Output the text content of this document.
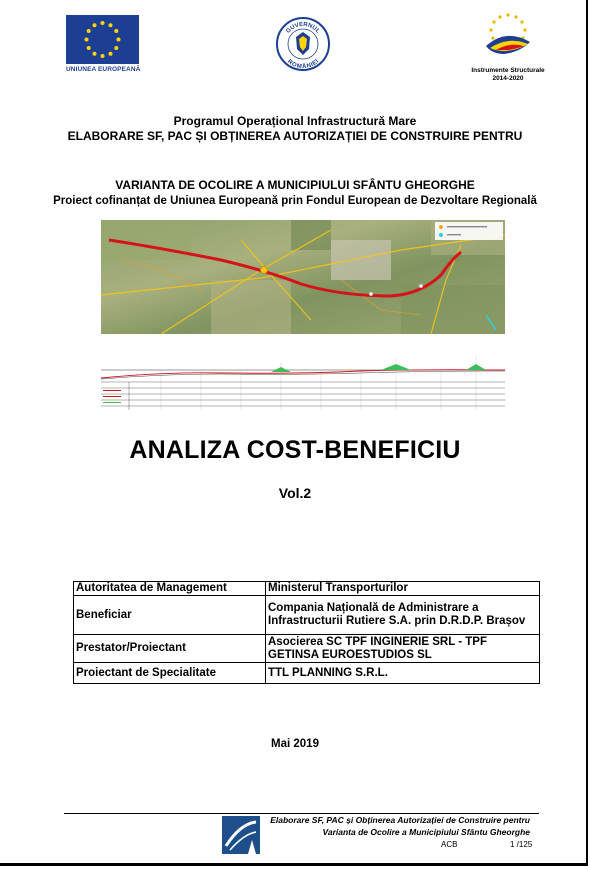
UNIUNEA EUROPEANĂ
GUVERNUL
ROMÂNIEI
Instrumente Structurale
2014-2020
Programul Operațional Infrastructură Mare
ELABORARE SF, PAC ȘI OBȚINEREA AUTORIZAȚIEI DE CONSTRUIRE PENTRU
VARIANTA DE OCOLIRE A MUNICIPIULUI SFÂNTU GHEORGHE
Proiect cofinanțat de Uniunea Europeană prin Fondul European de Dezvoltare Regională
ANALIZA COST-BENEFICIU
Vol.2
Autoritatea de Management	Ministerul Transporturilor
Beneficiar	Compania Națională de Administrare a Infrastructurii Rutiere S.A. prin D.R.D.P. Brașov
Prestator/Proiectant	Asocierea SC TPF INGINERIE SRL - TPF GETINSA EUROESTUDIOS SL
Proiectant de Specialitate	TTL PLANNING S.R.L.
Mai 2019
Elaborare SF, PAC și Obținerea Autorizației de Construire pentru
Varianta de Ocolire a Municipiului Sfântu Gheorghe
ACB	1 /125
